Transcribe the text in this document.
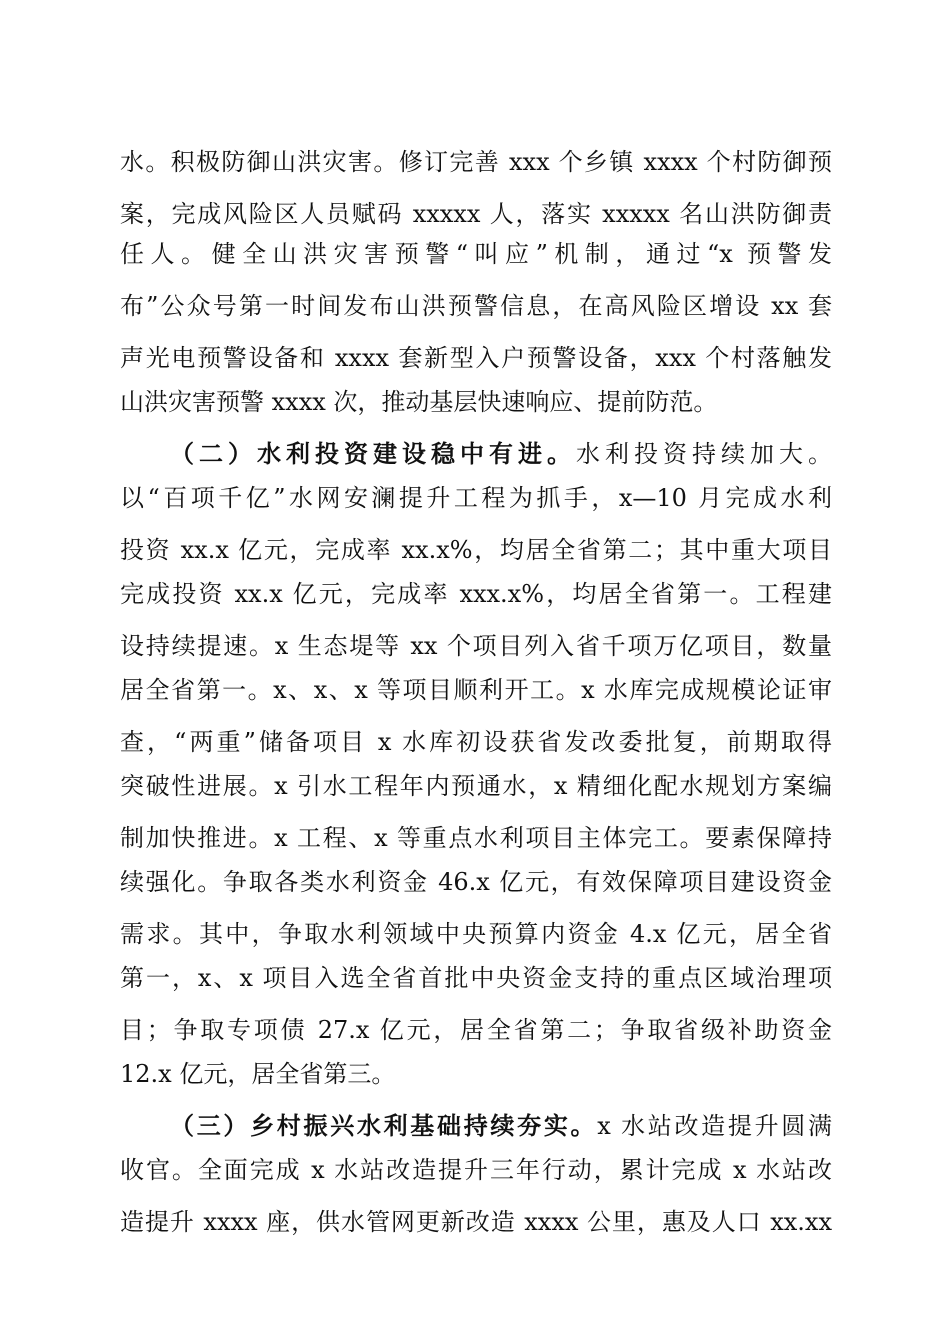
水。积极防御山洪灾害。修订完善 xxx 个乡镇 xxxx 个村防御预
案，完成风险区人员赋码 xxxxx 人，落实 xxxxx 名山洪防御责
任人。健全山洪灾害预警“叫应”机制，通过“x 预警发
布”公众号第一时间发布山洪预警信息，在高风险区增设 xx 套
声光电预警设备和 xxxx 套新型入户预警设备，xxx 个村落触发
山洪灾害预警 xxxx 次，推动基层快速响应、提前防范。
（二）水利投资建设稳中有进。水利投资持续加大。
以“百项千亿”水网安澜提升工程为抓手，x—10 月完成水利
投资 xx.x 亿元，完成率 xx.x%，均居全省第二；其中重大项目
完成投资 xx.x 亿元，完成率 xxx.x%，均居全省第一。工程建
设持续提速。x 生态堤等 xx 个项目列入省千项万亿项目，数量
居全省第一。x、x、x 等项目顺利开工。x 水库完成规模论证审
查，“两重”储备项目 x 水库初设获省发改委批复，前期取得
突破性进展。x 引水工程年内预通水，x 精细化配水规划方案编
制加快推进。x 工程、x 等重点水利项目主体完工。要素保障持
续强化。争取各类水利资金 46.x 亿元，有效保障项目建设资金
需求。其中，争取水利领域中央预算内资金 4.x 亿元，居全省
第一，x、x 项目入选全省首批中央资金支持的重点区域治理项
目；争取专项债 27.x 亿元，居全省第二；争取省级补助资金
12.x 亿元，居全省第三。
（三）乡村振兴水利基础持续夯实。x 水站改造提升圆满
收官。全面完成 x 水站改造提升三年行动，累计完成 x 水站改
造提升 xxxx 座，供水管网更新改造 xxxx 公里，惠及人口 xx.xx
